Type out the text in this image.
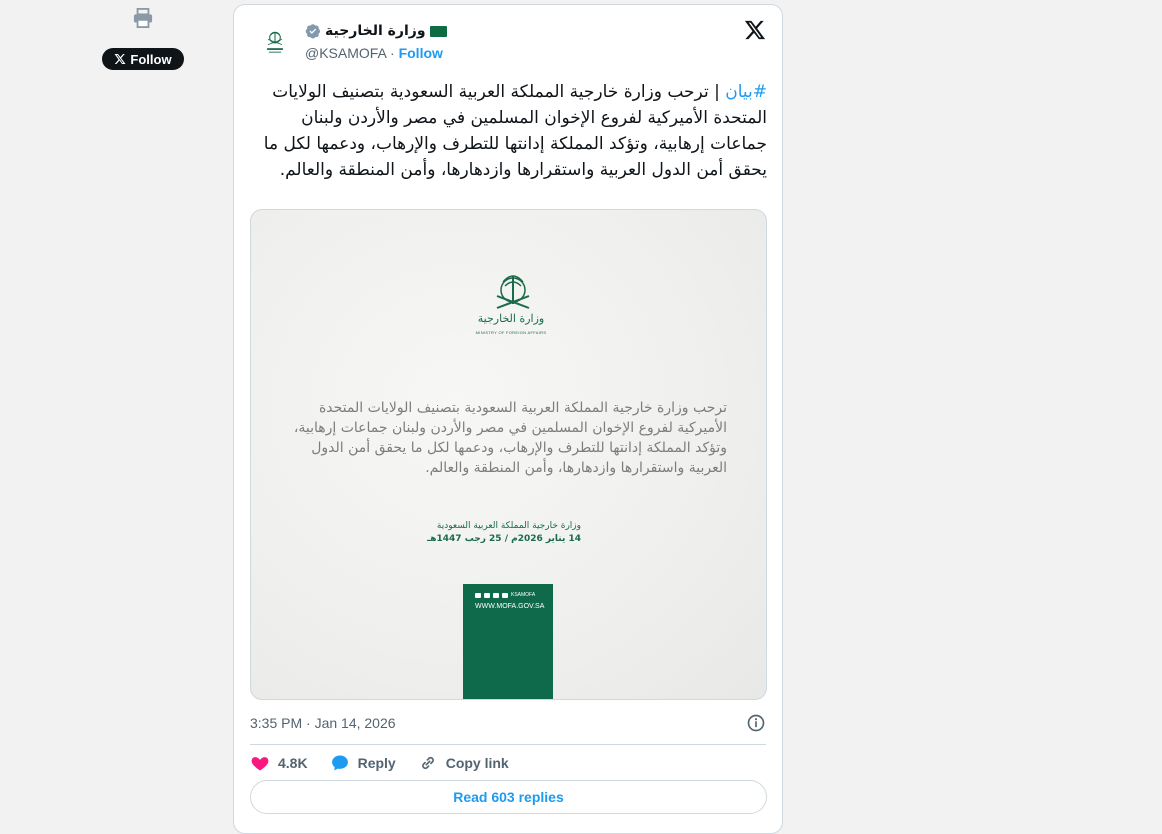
Follow
وزارة الخارجية
@KSAMOFA · Follow
#بيان | ترحب وزارة خارجية المملكة العربية السعودية بتصنيف الولايات المتحدة الأميركية لفروع الإخوان المسلمين في مصر والأردن ولبنان جماعات إرهابية، وتؤكد المملكة إدانتها للتطرف والإرهاب، ودعمها لكل ما يحقق أمن الدول العربية واستقرارها وازدهارها، وأمن المنطقة والعالم.
وزارة الخارجية
MINISTRY OF FOREIGN AFFAIRS
ترحب وزارة خارجية المملكة العربية السعودية بتصنيف الولايات المتحدة الأميركية لفروع الإخوان المسلمين في مصر والأردن ولبنان جماعات إرهابية، وتؤكد المملكة إدانتها للتطرف والإرهاب، ودعمها لكل ما يحقق أمن الدول العربية واستقرارها وازدهارها، وأمن المنطقة والعالم.
وزارة خارجية المملكة العربية السعودية
14 يناير 2026م / 25 رجب 1447هـ
KSAMOFA
WWW.MOFA.GOV.SA
3:35 PM · Jan 14, 2026
4.8K	Reply	Copy link
Read 603 replies
